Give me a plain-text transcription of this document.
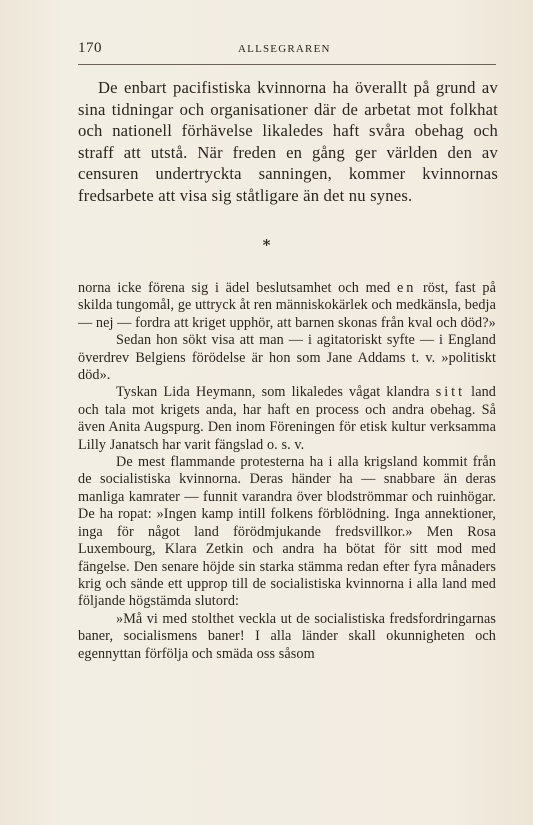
170	ALLSEGRAREN

De enbart pacifistiska kvinnorna ha överallt på grund av sina tidningar och organisationer där de arbetat mot folkhat och nationell förhävelse likaledes haft svåra obehag och straff att utstå. När freden en gång ger världen den av censuren undertryckta sanningen, kommer kvinnornas fredsarbete att visa sig ståtligare än det nu synes.

*

norna icke förena sig i ädel beslutsamhet och med en röst, fast på skilda tungomål, ge uttryck åt ren människokärlek och medkänsla, bedja — nej — fordra att kriget upphör, att barnen skonas från kval och död?»

Sedan hon sökt visa att man — i agitatoriskt syfte — i England överdrev Belgiens förödelse är hon som Jane Addams t. v. »politiskt död».

Tyskan Lida Heymann, som likaledes vågat klandra sitt land och tala mot krigets anda, har haft en process och andra obehag. Så även Anita Augspurg. Den inom Föreningen för etisk kultur verksamma Lilly Janatsch har varit fängslad o. s. v.

De mest flammande protesterna ha i alla krigsland kommit från de socialistiska kvinnorna. Deras händer ha — snabbare än deras manliga kamrater — funnit varandra över blodströmmar och ruinhögar. De ha ropat: »Ingen kamp intill folkens förblödning. Inga annektioner, inga för något land förödmjukande fredsvillkor.» Men Rosa Luxembourg, Klara Zetkin och andra ha bötat för sitt mod med fängelse. Den senare höjde sin starka stämma redan efter fyra månaders krig och sände ett upprop till de socialistiska kvinnorna i alla land med följande högstämda slutord:

»Må vi med stolthet veckla ut de socialistiska fredsfordringarnas baner, socialismens baner! I alla länder skall okunnigheten och egennyttan förfölja och smäda oss såsom
